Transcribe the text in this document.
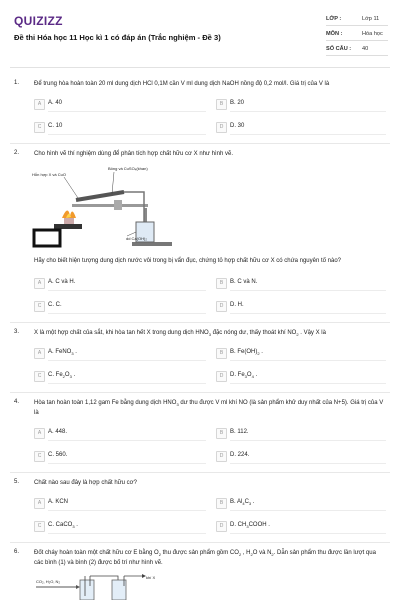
QUIZIZZ
Đề thi Hóa học 11 Học kì 1 có đáp án (Trắc nghiệm - Đề 3)
LỚP :	Lớp 11
MÔN :	Hóa học
SỐ CÂU : 40
1. Để trung hòa hoàn toàn 20 ml dung dịch HCl 0,1M cần V ml dung dịch NaOH nồng độ 0,2 mol/l. Giá trị của V là
A	A. 40	B	B. 20
C	C. 10	D	D. 30
2. Cho hình vẽ thí nghiệm dùng để phân tích hợp chất hữu cơ X như hình vẽ.
Hỗn hợp X và CuO
Bông và CuSO₄(khan)
dd Ca(OH)₂
Hãy cho biết hiện tượng dung dịch nước vôi trong bị vẩn đục, chứng tỏ hợp chất hữu cơ X có chứa nguyên tố nào?
A	A. C và H.	B	B. C và N.
C	C. C.	D	D. H.
3. X là một hợp chất của sắt, khi hòa tan hết X trong dung dịch $HNO_3$ đặc nóng dư, thấy thoát khí $NO_2$ . Vậy X là
A	A. FeNO$_3$ .	B	B. $Fe(OH)_2$ .
C	C. $Fe_2O_3$ .	D	D. $Fe_3O_4$ .
4. Hòa tan hoàn toàn 1,12 gam Fe bằng dung dịch $HNO_3$ dư thu được V ml khí NO (là sản phẩm khử duy nhất của N+5). Giá trị của V là
A	A. 448.	B	B. 112.
C	C. 560.	D	D. 224.
5. Chất nào sau đây là hợp chất hữu cơ?
A	A. KCN	B	B. $Al_4C_3$ .
C	C. CaCO$_3$ .	D	D. $CH_3COOH$ .
6. Đốt cháy hoàn toàn một chất hữu cơ E bằng $O_2$ thu được sản phẩm gồm $CO_2$ , $H_2O$ và $N_2$. Dẫn sản phẩm thu được lần lượt qua các bình (1) và bình (2) được bố trí như hình vẽ.
CO₂, H₂O, N₂
khí X
